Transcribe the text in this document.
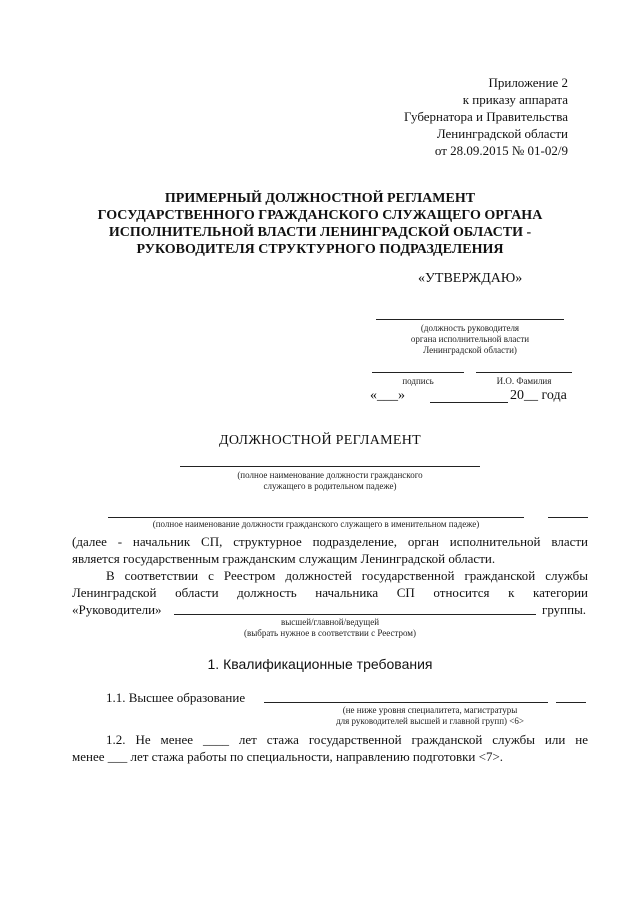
Приложение 2
к приказу аппарата
Губернатора и Правительства
Ленинградской области
от 28.09.2015 № 01-02/9
ПРИМЕРНЫЙ ДОЛЖНОСТНОЙ РЕГЛАМЕНТ
ГОСУДАРСТВЕННОГО ГРАЖДАНСКОГО СЛУЖАЩЕГО ОРГАНА
ИСПОЛНИТЕЛЬНОЙ ВЛАСТИ ЛЕНИНГРАДСКОЙ ОБЛАСТИ -
РУКОВОДИТЕЛЯ СТРУКТУРНОГО ПОДРАЗДЕЛЕНИЯ
«УТВЕРЖДАЮ»
(должность руководителя
органа исполнительной власти
Ленинградской области)
подпись	И.О. Фамилия
«___»	20__ года
ДОЛЖНОСТНОЙ РЕГЛАМЕНТ
(полное наименование должности гражданского
служащего в родительном падеже)
(полное наименование должности гражданского служащего в именительном падеже)
(далее - начальник СП, структурное подразделение, орган исполнительной власти
является государственным гражданским служащим Ленинградской области.
В соответствии с Реестром должностей государственной гражданской службы
Ленинградской области должность начальника СП относится к категории
«Руководители»	группы.
высшей/главной/ведущей
(выбрать нужное в соответствии с Реестром)
1. Квалификационные требования
1.1. Высшее образование
(не ниже уровня специалитета, магистратуры
для руководителей высшей и главной групп) <6>
1.2. Не менее ____ лет стажа государственной гражданской службы или не
менее ___ лет стажа работы по специальности, направлению подготовки <7>.
